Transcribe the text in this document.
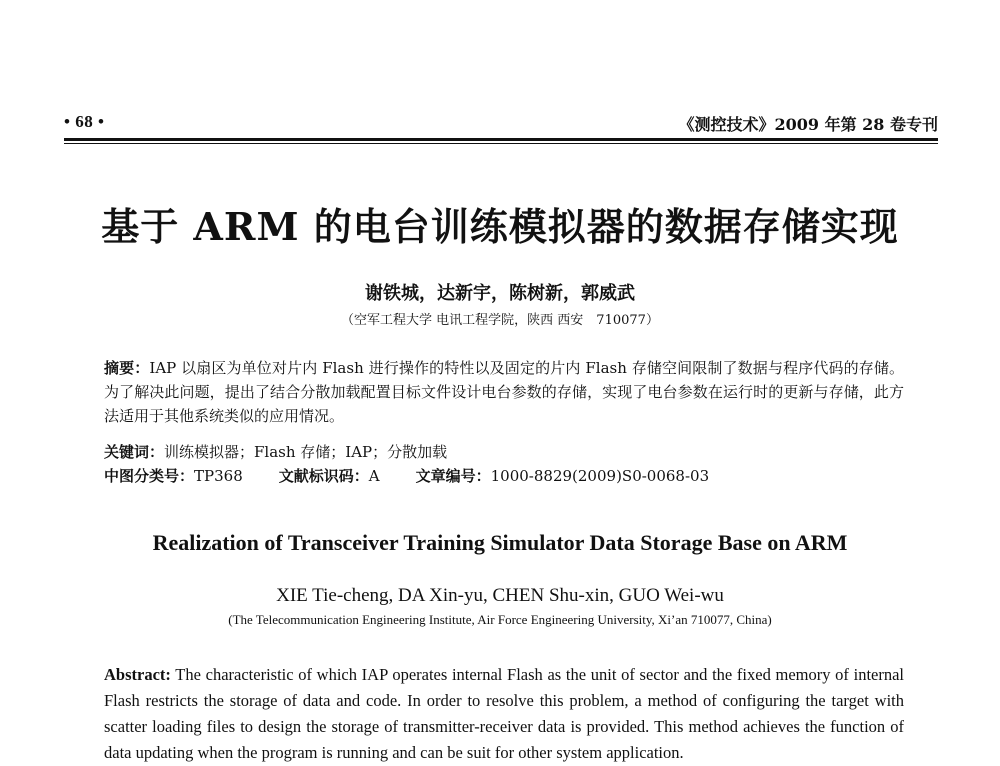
• 68 •	《测控技术》2009 年第 28 卷专刊
基于 ARM 的电台训练模拟器的数据存储实现
谢铁城，达新宇，陈树新，郭威武
（空军工程大学 电讯工程学院，陕西 西安　710077）
摘要：IAP 以扇区为单位对片内 Flash 进行操作的特性以及固定的片内 Flash 存储空间限制了数据与程序代码的存储。为了解决此问题，提出了结合分散加载配置目标文件设计电台参数的存储，实现了电台参数在运行时的更新与存储，此方法适用于其他系统类似的应用情况。
关键词：训练模拟器；Flash 存储；IAP；分散加载
中图分类号：TP368 文献标识码：A 文章编号：1000-8829(2009)S0-0068-03
Realization of Transceiver Training Simulator Data Storage Base on ARM
XIE Tie-cheng, DA Xin-yu, CHEN Shu-xin, GUO Wei-wu
(The Telecommunication Engineering Institute, Air Force Engineering University, Xi’an 710077, China)
Abstract: The characteristic of which IAP operates internal Flash as the unit of sector and the fixed memory of internal Flash restricts the storage of data and code. In order to resolve this problem, a method of configuring the target with scatter loading files to design the storage of transmitter-receiver data is provided. This method achieves the function of data updating when the program is running and can be suit for other system application.
